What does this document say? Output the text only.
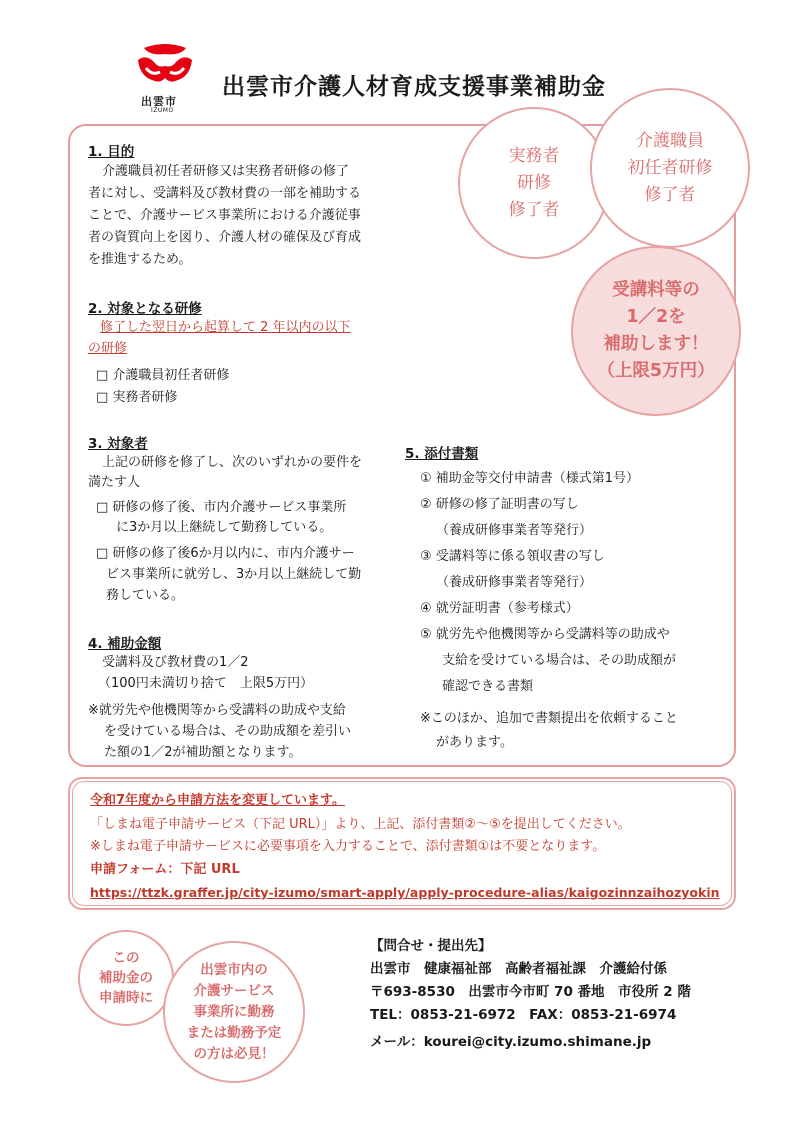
出雲市
IZUMO
出雲市介護人材育成支援事業補助金
1. 目的
介護職員初任者研修又は実務者研修の修了
者に対し、受講料及び教材費の一部を補助する
ことで、介護サービス事業所における介護従事
者の資質向上を図り、介護人材の確保及び育成
を推進するため。
2. 対象となる研修
修了した翌日から起算して 2 年以内の以下
の研修
□ 介護職員初任者研修
□ 実務者研修
3. 対象者
上記の研修を修了し、次のいずれかの要件を
満たす人
□ 研修の修了後、市内介護サービス事業所
に3か月以上継続して勤務している。
□ 研修の修了後6か月以内に、市内介護サー
ビス事業所に就労し、3か月以上継続して勤
務している。
4. 補助金額
受講料及び教材費の1／2
（100円未満切り捨て　上限5万円）
※就労先や他機関等から受講料の助成や支給
を受けている場合は、その助成額を差引い
た額の1／2が補助額となります。
5. 添付書類
① 補助金等交付申請書（様式第1号）
② 研修の修了証明書の写し
（養成研修事業者等発行）
③ 受講料等に係る領収書の写し
（養成研修事業者等発行）
④ 就労証明書（参考様式）
⑤ 就労先や他機関等から受講料等の助成や
支給を受けている場合は、その助成額が
確認できる書類
※このほか、追加で書類提出を依頼すること
があります。
実務者
研修
修了者
介護職員
初任者研修
修了者
受講料等の
1／2を
補助します！
（上限5万円）
令和7年度から申請方法を変更しています。
「しまね電子申請サービス（下記 URL）」より、上記、添付書類②～⑤を提出してください。
※しまね電子申請サービスに必要事項を入力することで、添付書類①は不要となります。
申請フォーム：下記 URL
https://ttzk.graffer.jp/city-izumo/smart-apply/apply-procedure-alias/kaigozinnzaihozyokin
この
補助金の
申請時に
出雲市内の
介護サービス
事業所に勤務
または勤務予定
の方は必見！
【問合せ・提出先】
出雲市　健康福祉部　高齢者福祉課　介護給付係
〒693-8530　出雲市今市町 70 番地　市役所 2 階
TEL：0853-21-6972　FAX：0853-21-6974
メール：kourei@city.izumo.shimane.jp
